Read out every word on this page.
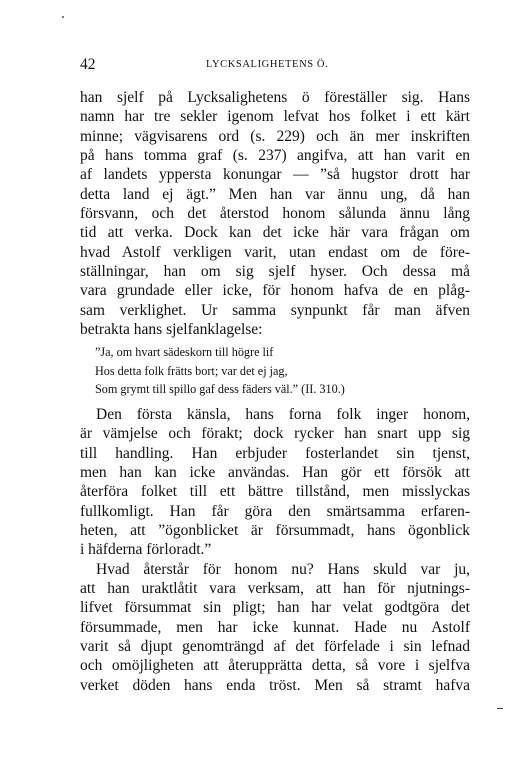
42	LYCKSALIGHETENS Ö.
han sjelf på Lycksalighetens ö föreställer sig. Hans
namn har tre sekler igenom lefvat hos folket i ett kärt
minne; vägvisarens ord (s. 229) och än mer inskriften
på hans tomma graf (s. 237) angifva, att han varit en
af landets yppersta konungar — ”så hugstor drott har
detta land ej ägt.” Men han var ännu ung, då han
försvann, och det återstod honom sålunda ännu lång
tid att verka. Dock kan det icke här vara frågan om
hvad Astolf verkligen varit, utan endast om de före-
ställningar, han om sig sjelf hyser. Och dessa må
vara grundade eller icke, för honom hafva de en plåg-
sam verklighet. Ur samma synpunkt får man äfven
betrakta hans sjelfanklagelse:
”Ja, om hvart sädeskorn till högre lif
Hos detta folk frätts bort; var det ej jag,
Som grymt till spillo gaf dess fäders väl.” (II. 310.)
Den första känsla, hans forna folk inger honom,
är vämjelse och förakt; dock rycker han snart upp sig
till handling. Han erbjuder fosterlandet sin tjenst,
men han kan icke användas. Han gör ett försök att
återföra folket till ett bättre tillstånd, men misslyckas
fullkomligt. Han får göra den smärtsamma erfaren-
heten, att ”ögonblicket är försummadt, hans ögonblick
i häfderna förloradt.”
Hvad återstår för honom nu? Hans skuld var ju,
att han uraktlåtit vara verksam, att han för njutnings-
lifvet försummat sin pligt; han har velat godtgöra det
försummade, men har icke kunnat. Hade nu Astolf
varit så djupt genomträngd af det förfelade i sin lefnad
och omöjligheten att återupprätta detta, så vore i sjelfva
verket döden hans enda tröst. Men så stramt hafva
